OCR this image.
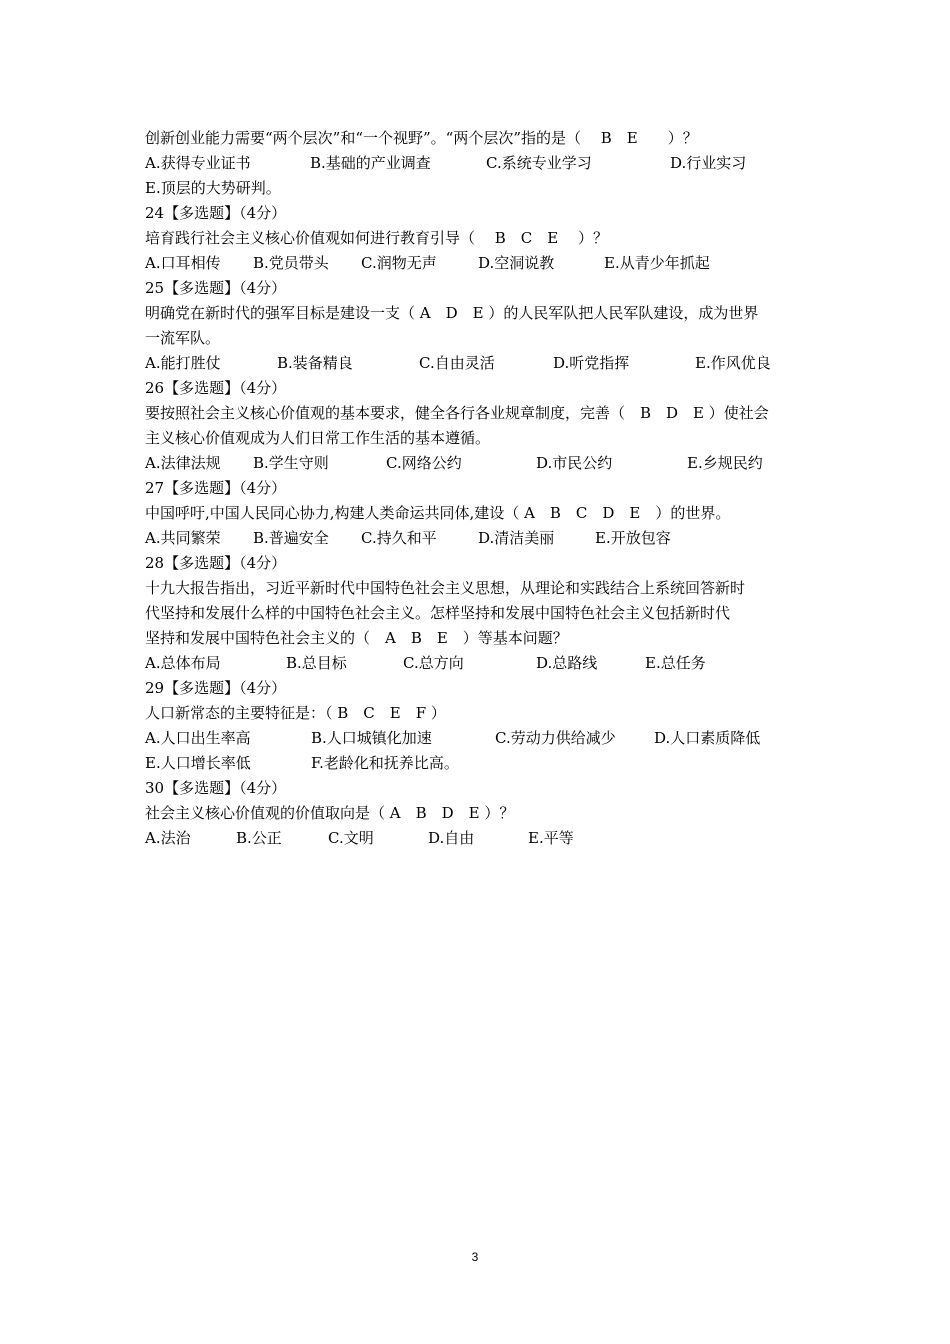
创新创业能力需要“两个层次”和“一个视野”。“两个层次”指的是（　 B　E　　）？
A.获得专业证书	B.基础的产业调查	C.系统专业学习	D.行业实习
E.顶层的大势研判。
24【多选题】（4分）
培育践行社会主义核心价值观如何进行教育引导（　 B　C　E　 ）？
A.口耳相传 B.党员带头 C.润物无声	D.空洞说教	E.从青少年抓起
25【多选题】（4分）
明确党在新时代的强军目标是建设一支（ A　D　E ）的人民军队把人民军队建设，成为世界
一流军队。
A.能打胜仗	B.装备精良	C.自由灵活	D.听党指挥	E.作风优良
26【多选题】（4分）
要按照社会主义核心价值观的基本要求，健全各行各业规章制度，完善（　B　D　E ）使社会
主义核心价值观成为人们日常工作生活的基本遵循。
A.法律法规 B.学生守则	C.网络公约	D.市民公约	E.乡规民约
27【多选题】（4分）
中国呼吁,中国人民同心协力,构建人类命运共同体,建设（ A　B　C　D　E　）的世界。
A.共同繁荣 B.普遍安全 C.持久和平	D.清洁美丽	E.开放包容
28【多选题】（4分）
十九大报告指出，习近平新时代中国特色社会主义思想，从理论和实践结合上系统回答新时
代坚持和发展什么样的中国特色社会主义。怎样坚持和发展中国特色社会主义包括新时代
坚持和发展中国特色社会主义的（　A　B　E　）等基本问题？
A.总体布局	B.总目标	C.总方向	D.总路线	E.总任务
29【多选题】（4分）
人口新常态的主要特征是：（ B　C　E　F ）
A.人口出生率高	B.人口城镇化加速	C.劳动力供给减少	D.人口素质降低
E.人口增长率低	F.老龄化和抚养比高。
30【多选题】（4分）
社会主义核心价值观的价值取向是（ A　B　D　E ）？
A.法治	B.公正	C.文明	D.自由	E.平等
3
